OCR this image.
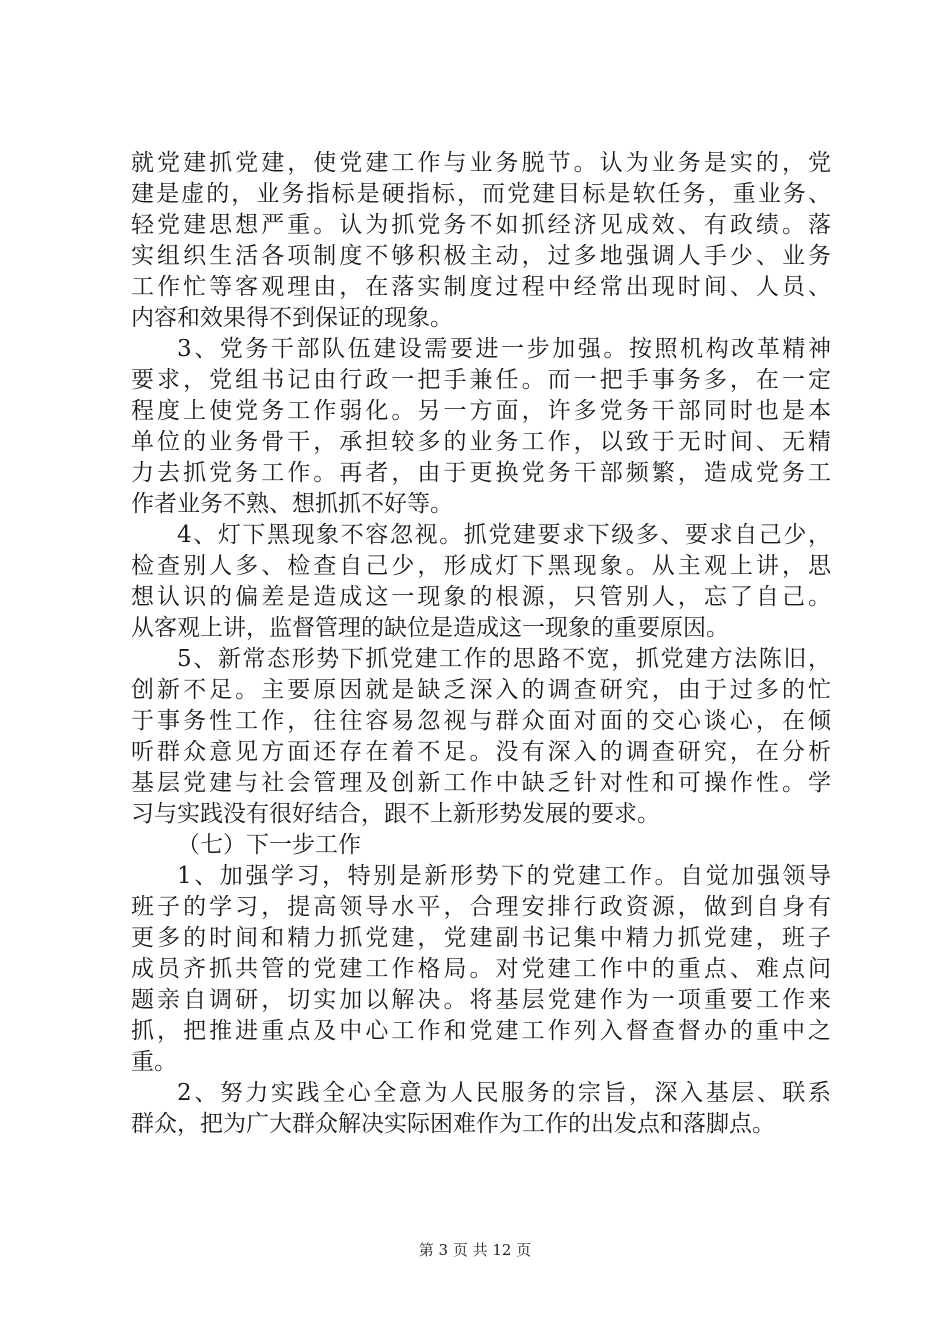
就党建抓党建，使党建工作与业务脱节。认为业务是实的，党
建是虚的，业务指标是硬指标，而党建目标是软任务，重业务、
轻党建思想严重。认为抓党务不如抓经济见成效、有政绩。落
实组织生活各项制度不够积极主动，过多地强调人手少、业务
工作忙等客观理由，在落实制度过程中经常出现时间、人员、
内容和效果得不到保证的现象。
3、党务干部队伍建设需要进一步加强。按照机构改革精神
要求，党组书记由行政一把手兼任。而一把手事务多，在一定
程度上使党务工作弱化。另一方面，许多党务干部同时也是本
单位的业务骨干，承担较多的业务工作，以致于无时间、无精
力去抓党务工作。再者，由于更换党务干部频繁，造成党务工
作者业务不熟、想抓抓不好等。
4、灯下黑现象不容忽视。抓党建要求下级多、要求自己少，
检查别人多、检查自己少，形成灯下黑现象。从主观上讲，思
想认识的偏差是造成这一现象的根源，只管别人，忘了自己。
从客观上讲，监督管理的缺位是造成这一现象的重要原因。
5、新常态形势下抓党建工作的思路不宽，抓党建方法陈旧，
创新不足。主要原因就是缺乏深入的调查研究，由于过多的忙
于事务性工作，往往容易忽视与群众面对面的交心谈心，在倾
听群众意见方面还存在着不足。没有深入的调查研究，在分析
基层党建与社会管理及创新工作中缺乏针对性和可操作性。学
习与实践没有很好结合，跟不上新形势发展的要求。
（七）下一步工作
1、加强学习，特别是新形势下的党建工作。自觉加强领导
班子的学习，提高领导水平，合理安排行政资源，做到自身有
更多的时间和精力抓党建，党建副书记集中精力抓党建，班子
成员齐抓共管的党建工作格局。对党建工作中的重点、难点问
题亲自调研，切实加以解决。将基层党建作为一项重要工作来
抓，把推进重点及中心工作和党建工作列入督查督办的重中之
重。
2、努力实践全心全意为人民服务的宗旨，深入基层、联系
群众，把为广大群众解决实际困难作为工作的出发点和落脚点。
第 3 页 共 12 页
